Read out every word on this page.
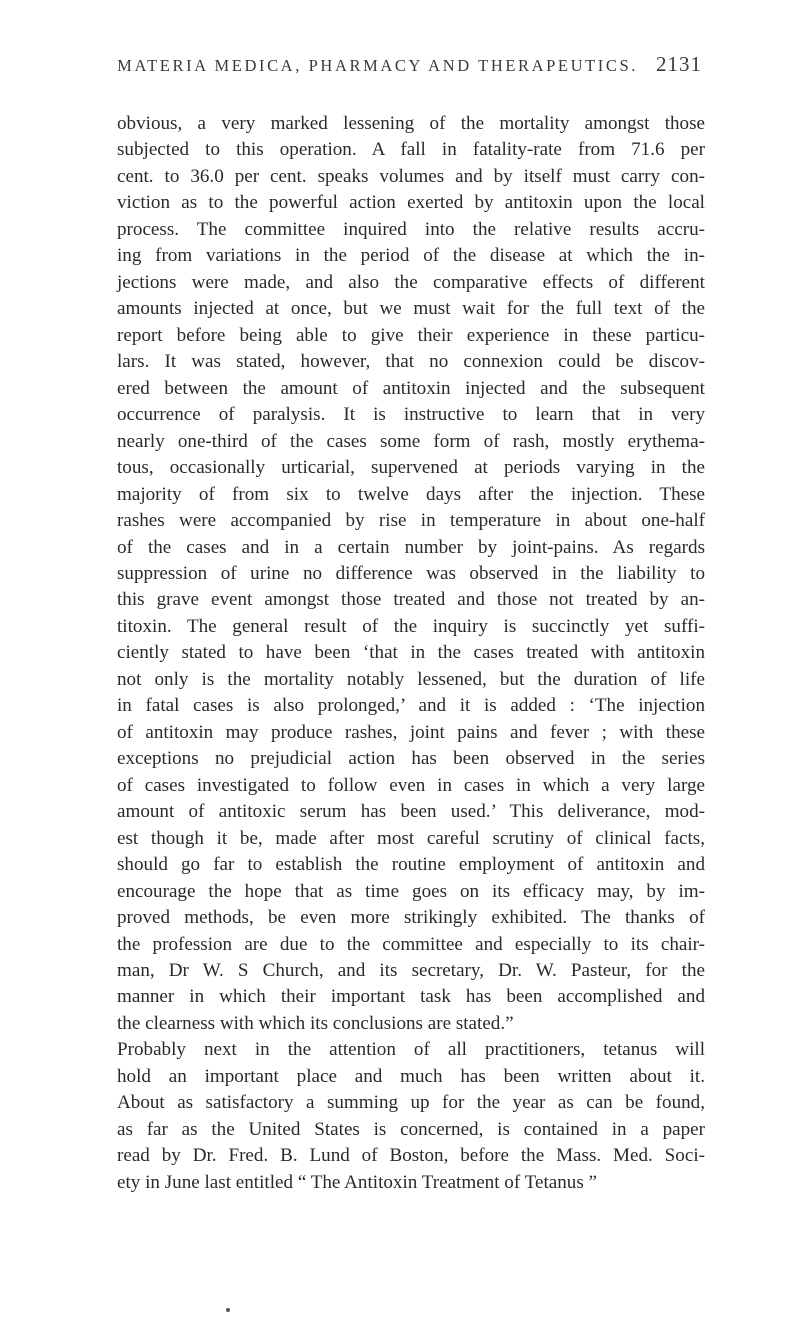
MATERIA MEDICA, PHARMACY AND THERAPEUTICS. 2131
obvious, a very marked lessening of the mortality amongst those
subjected to this operation. A fall in fatality-rate from 71.6 per
cent. to 36.0 per cent. speaks volumes and by itself must carry con-
viction as to the powerful action exerted by antitoxin upon the local
process. The committee inquired into the relative results accru-
ing from variations in the period of the disease at which the in-
jections were made, and also the comparative effects of different
amounts injected at once, but we must wait for the full text of the
report before being able to give their experience in these particu-
lars. It was stated, however, that no connexion could be discov-
ered between the amount of antitoxin injected and the subsequent
occurrence of paralysis. It is instructive to learn that in very
nearly one-third of the cases some form of rash, mostly erythema-
tous, occasionally urticarial, supervened at periods varying in the
majority of from six to twelve days after the injection. These
rashes were accompanied by rise in temperature in about one-half
of the cases and in a certain number by joint-pains. As regards
suppression of urine no difference was observed in the liability to
this grave event amongst those treated and those not treated by an-
titoxin. The general result of the inquiry is succinctly yet suffi-
ciently stated to have been ‘that in the cases treated with antitoxin
not only is the mortality notably lessened, but the duration of life
in fatal cases is also prolonged,’ and it is added : ‘The injection
of antitoxin may produce rashes, joint pains and fever ; with these
exceptions no prejudicial action has been observed in the series
of cases investigated to follow even in cases in which a very large
amount of antitoxic serum has been used.’ This deliverance, mod-
est though it be, made after most careful scrutiny of clinical facts,
should go far to establish the routine employment of antitoxin and
encourage the hope that as time goes on its efficacy may, by im-
proved methods, be even more strikingly exhibited. The thanks of
the profession are due to the committee and especially to its chair-
man, Dr W. S Church, and its secretary, Dr. W. Pasteur, for the
manner in which their important task has been accomplished and
the clearness with which its conclusions are stated.”
Probably next in the attention of all practitioners, tetanus will
hold an important place and much has been written about it.
About as satisfactory a summing up for the year as can be found,
as far as the United States is concerned, is contained in a paper
read by Dr. Fred. B. Lund of Boston, before the Mass. Med. Soci-
ety in June last entitled “ The Antitoxin Treatment of Tetanus ”
